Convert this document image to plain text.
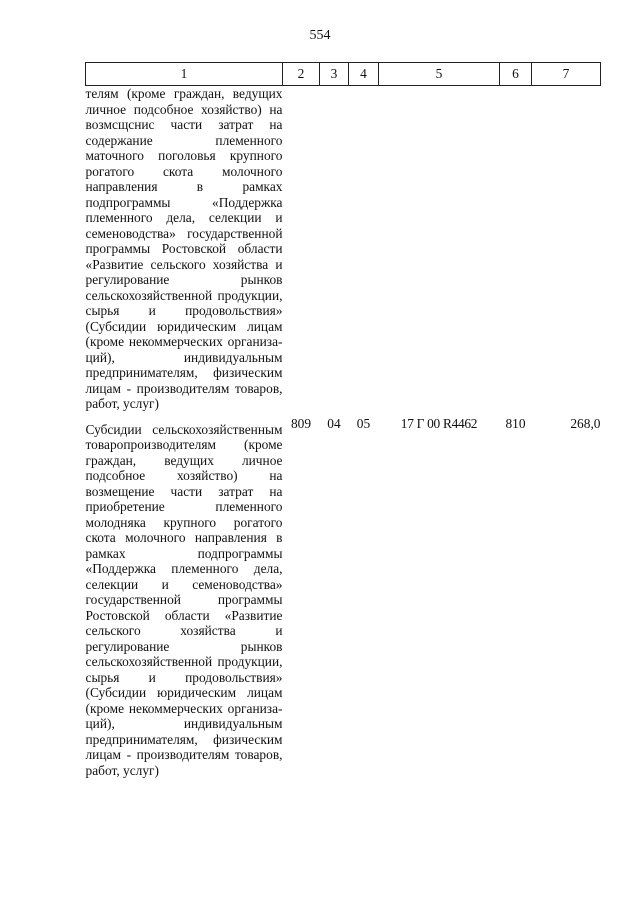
554
1	2	3	4	5	6	7
телям (кроме граждан, ведущих личное подсобное хозяйство) на возмсщснис части затрат на содержание племенного маточного поголовья крупного рогатого скота молочного направления в рамках подпрограммы «Поддержка племенного дела, селекции и семеноводства» государственной программы Ростовской области «Развитие сельского хозяйства и регулирование рынков сельскохозяйственной продукции, сырья и продовольствия» (Субсидии юридическим лицам (кроме некоммерческих организаций), индивидуальным предпринимателям, физическим лицам - производителям товаров, работ, услуг)						
Субсидии сельскохозяйственным товаропроизводителям (кроме граждан, ведущих личное подсобное хозяйство) на возмещение части затрат на приобретение племенного молодняка крупного рогатого скота молочного направления в рамках подпрограммы «Поддержка племенного дела, селекции и семеноводства» государственной программы Ростовской области «Развитие сельского хозяйства и регулирование рынков сельскохозяйственной продукции, сырья и продовольствия» (Субсидии юридическим лицам (кроме некоммерческих организаций), индивидуальным предпринимателям, физическим лицам - производителям товаров, работ, услуг)	809	04	05	17 Г 00 R4462	810	268,0
